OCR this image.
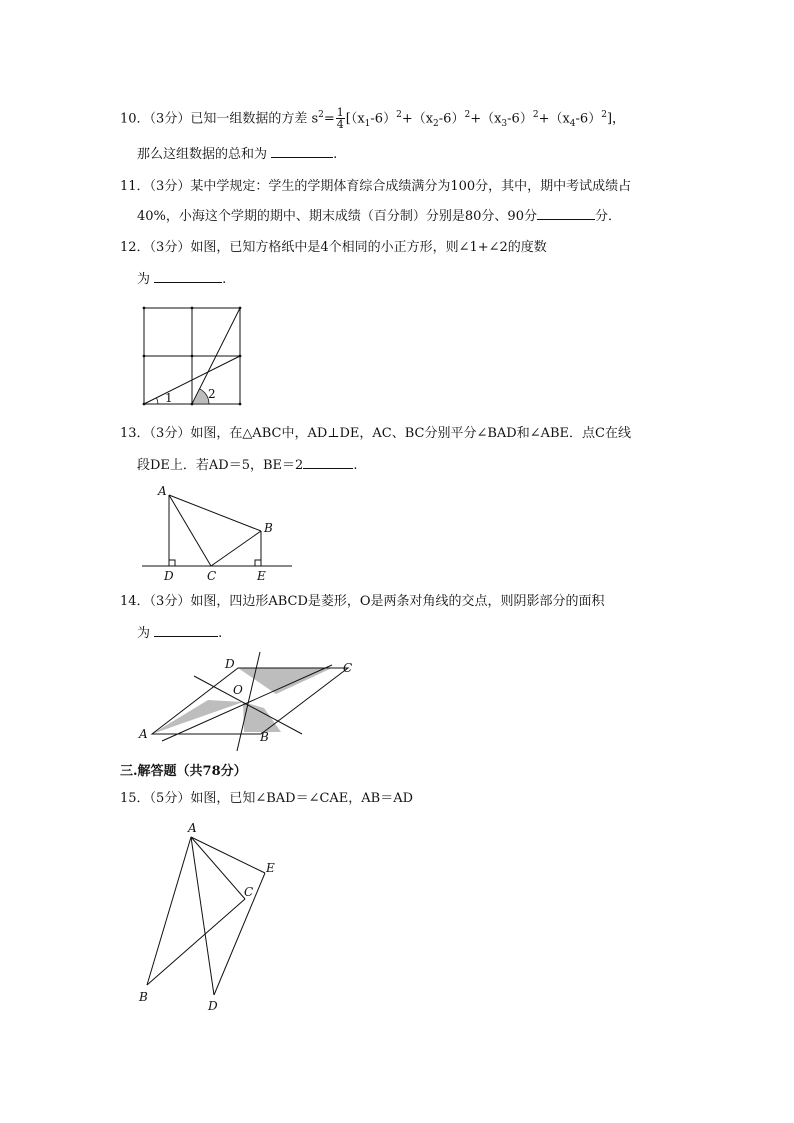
10．（3分）已知一组数据的方差 $s^2= \frac{1}{4} [(x_1-6)^2+(x_2-6)^2+(x_3-6)^2+(x_4-6)^2]$，
那么这组数据的总和为	.
11．（3分）某中学规定：学生的学期体育综合成绩满分为100分，其中，期中考试成绩占
40%，小海这个学期的期中、期末成绩（百分制）分别是80分、90分	分．
12．（3分）如图，已知方格纸中是4个相同的小正方形，则∠1+∠2的度数
为	.
1	2
13．（3分）如图，在△ABC中，AD⊥DE，AC、BC分别平分∠BAD和∠ABE．点C在线
段DE上．若AD＝5，BE＝2	.
A
B
D	C	E
14．（3分）如图，四边形ABCD是菱形，O是两条对角线的交点，则阴影部分的面积
为	.
D	C
O
A	B
三.解答题（共78分）
15．（5分）如图，已知∠BAD＝∠CAE，AB＝AD
A
E
C
B
D
